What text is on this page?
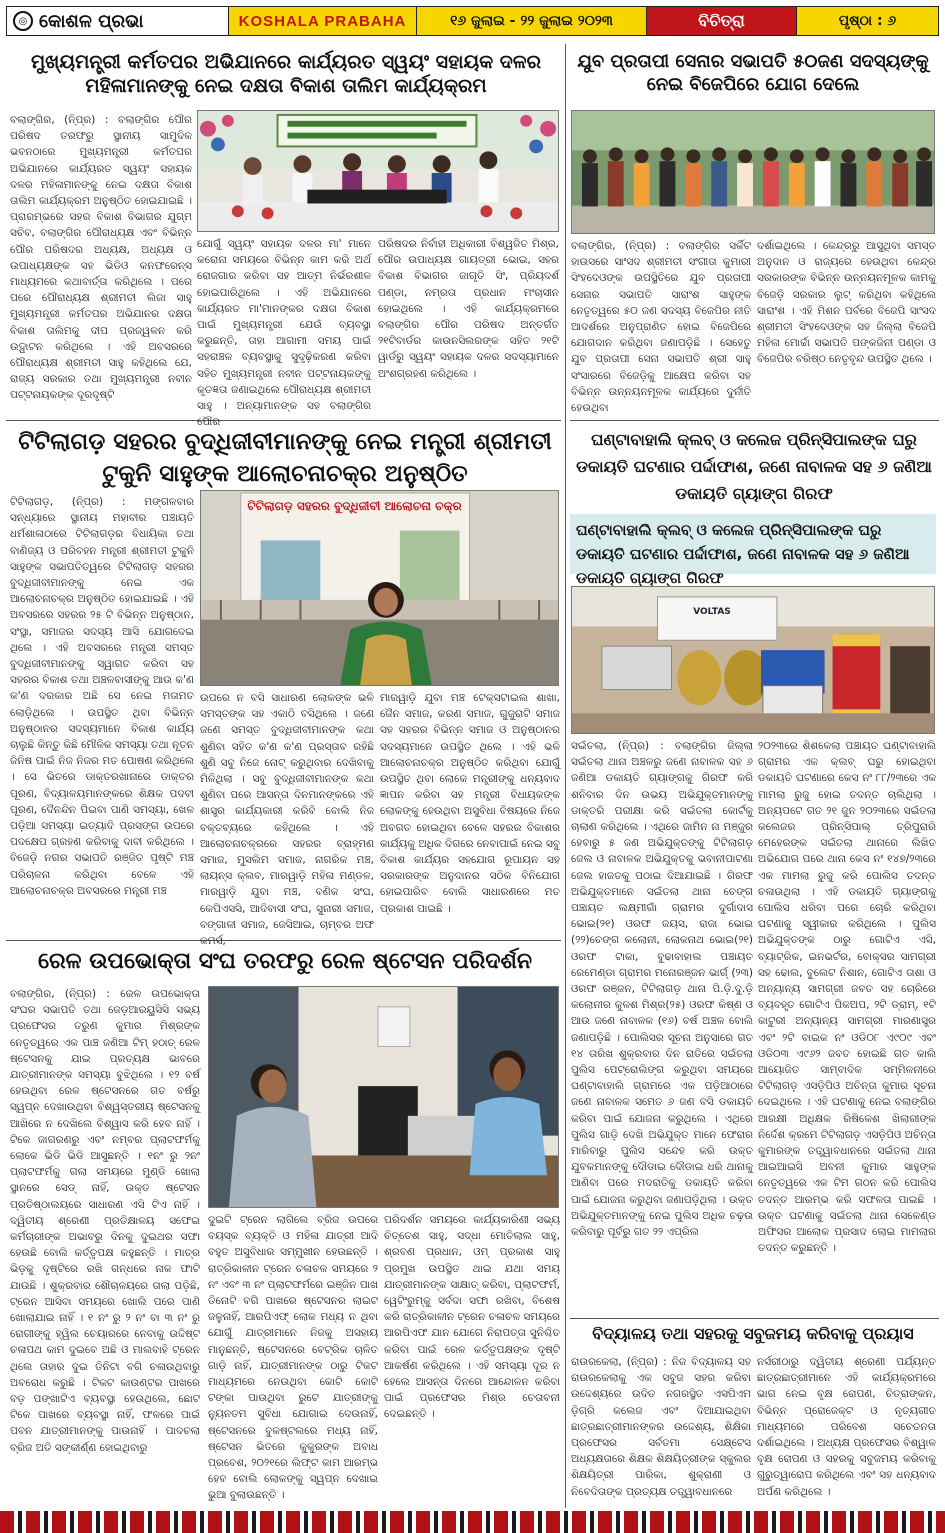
◎ କୋଶଳ ପ୍ରଭା	KOSHALA PRABAHA	୧୬ ଜୁଲାଇ - ୨୨ ଜୁଲାଇ ୨୦୨୩	ବିଚିତ୍ରା	ପୃଷ୍ଠା : ୬
ମୁଖ୍ୟମନ୍ତ୍ରୀ କର୍ମତପର ଅଭିଯାନରେ କାର୍ଯ୍ୟରତ ସ୍ୱୟଂ ସହାୟକ ଦଳର ମହିଳାମାନଙ୍କୁ ନେଇ ଦକ୍ଷତା ବିକାଶ ତାଲିମ କାର୍ଯ୍ୟକ୍ରମ
ବଲାଙ୍ଗିର, (ନି୍ପ୍ର) : ବଲାଙ୍ଗିର ପୌର ପରିଷଦ ତରଫରୁ ସ୍ଥାନୀୟ ସାମୁଦିକ ଭବନଠାରେ ମୁଖ୍ୟମନ୍ତ୍ରୀ କର୍ମତପର ଅଭିଯାନରେ କାର୍ଯ୍ୟରତ ସ୍ୱୟଂ ସହାୟକ ଦଳର ମହିଳାମାନଙ୍କୁ ନେଇ ଦକ୍ଷତା ବିକାଶ ତାଲିମ କାର୍ଯ୍ୟକ୍ରମ ଅନୁଷ୍ଠିତ ହୋଇଯାଇଛି । ପ୍ରାରମ୍ଭରେ ସହର ବିକାଶ ବିଭାଗର ଯୁଗ୍ମ ସଚିବ, ବଲାଙ୍ଗିର ପୌରାଧ୍ୟକ୍ଷ ଏବଂ ବିଭିନ୍ନ ପୌର ପରିଷଦର ଅଧ୍ୟକ୍ଷ, ଅଧ୍ୟକ୍ଷ ଓ ଉପାଧ୍ୟକ୍ଷଙ୍କ ସହ ଭିଡିଓ କନଫରେନ୍ସ ମାଧ୍ୟମରେ କଥାବାର୍ତ୍ତା କରିଥିଲେ । ପରେ ପରେ ପୌରାଧ୍ୟକ୍ଷ ଶ୍ରୀମତୀ ଲିଜା ସାହୁ ମୁଖ୍ୟମନ୍ତ୍ରୀ କର୍ମତପର ଅଭିଯାନର ଦକ୍ଷତା ବିକାଶ ତାଲିମକୁ ଦୀପ ପ୍ରଜ୍ୱଳନ କରି ଉଦ୍ଘାଟନ କରିଥିଲେ । ଏହି ଅବସରରେ ପୌରାଧ୍ୟକ୍ଷ ଶ୍ରୀମତୀ ସାହୁ କହିଥିଲେ ଯେ, ରାଜ୍ୟ ସରକାର ତଥା ମୁଖ୍ୟମନ୍ତ୍ରୀ ନବୀନ ପଟ୍ଟନାୟକଙ୍କ ଦୂରଦୃଷ୍ଟି
ଯୋଗୁଁ ସ୍ୱୟଂ ସହାୟକ ଦଳର ମା' ମାନେ କରୋନା ସମୟରେ ବିଭିନ୍ନ କାମ କରି ଅର୍ଥ ରୋଜଗାର କରିବା ସହ ଆତ୍ମ ନିର୍ଭରଶୀଳ ହୋଇପାରିଥିଲେ । ଏହି ଅଭିଯାନରେ କାର୍ଯ୍ୟରତ ମା'ମାନଙ୍କର ଦକ୍ଷତା ବିକାଶ ପାଇଁ ମୁଖ୍ୟମନ୍ତ୍ରୀ ଯେଉଁ ବ୍ୟବସ୍ଥା କରୁଛନ୍ତି, ତାହା ଆଗାମୀ ସମୟ ପାଇଁ ସହରାଞ୍ଚଳ ବ୍ୟବସ୍ଥାକୁ ସୁଦୃଢ଼ିକରଣ କରିବା ସହିତ ମୁଖ୍ୟମନ୍ତ୍ରୀ ନବୀନ ପଟ୍ଟନାୟକଙ୍କୁ କୃତଜ୍ଞତା ଜଣାଇଥିଲେ ପୌରାଧ୍ୟକ୍ଷ ଶ୍ରୀମତୀ ସାହୁ । ଅନ୍ୟାମାନଙ୍କ ସହ ବଲାଙ୍ଗିର ପୌର
ପରିଷଦର ନିର୍ବାହୀ ଅଧିକାରୀ ବିଶ୍ୱଜିତ ମିଶ୍ର, ପୌର ଉପାଧ୍ୟକ୍ଷ ଗାୟତ୍ରୀ ଭୋଇ, ସହର ବିକାଶ ବିଭାଗର ଜାଗୃତି ସିଂ, ପ୍ରିୟଦର୍ଶ ପଣ୍ଡା, ନମ୍ରତା ପ୍ରଧାନ ମଂଚାସୀନ ହୋଇଥିଲେ । ଏହି କାର୍ଯ୍ୟକ୍ରମରେ ବଲାଙ୍ଗିର ପୌର ପରିଷଦ ଅନ୍ତର୍ଗତ ୨୧ଟିବାର୍ଡର କାଉନସିଲରଙ୍କ ସହିତ ୨୧ଟି ୱାର୍ଡରୁ ସ୍ୱୟଂ ସହାୟକ ଦଳର ସଦସ୍ୟାମାନେ ଅଂଶଗ୍ରହଣ କରିଥିଲେ ।
ଯୁବ ପ୍ରତାପୀ ସେନାର ସଭାପତି ୫୦ଜଣ ସଦସ୍ୟଙ୍କୁ ନେଇ ବିଜେପିରେ ଯୋଗ ଦେଲେ
ବଲାଙ୍ଗିର, (ନି୍ପ୍ର) : ବଲାଙ୍ଗିର ସର୍କିଟ ହାଉସରେ ସାଂସଦ ଶ୍ରୀମତୀ ସଂଗୀତା କୁମାରୀ ସିଂହଦେଓଙ୍କ ଉପସ୍ଥିତିରେ ଯୁବ ପ୍ରତାପୀ ସେନାର ସଭାପତି ସାରାଂଶ ସାହୁଙ୍କ ନେତୃତ୍ୱରେ ୫୦ ଜଣ ସଦସ୍ୟ ବିଜେପିର ନୀତି ଆଦର୍ଶରେ ଅନୁପ୍ରାଣିତ ହୋଇ ବିଜେପିରେ ଯୋଗଦାନ କରିଥିବା ଜଣାପଡ଼ିଛି । ସେହେତୁ ଯୁବ ପ୍ରତାପୀ ସେନା ସଭାପତି ଶ୍ରୀ ସାହୁ ସଂସାରରେ ବିଜେଡ଼ିକୁ ଆକ୍ଷେପ କରିବା ସହ ବିଭିନ୍ନ ଉନ୍ନୟନମୂଳକ କାର୍ଯ୍ୟରେ ଦୁର୍ନୀତି ହେଉଥିବା
ଦର୍ଶାଇଥିଲେ । କେନ୍ଦ୍ରରୁ ଆସୁଥିବା ସମସ୍ତ ଅନୁଦାନ ଓ ରାଜ୍ୟରେ ହେଉଥିବା କେନ୍ଦ୍ର ସରକାରଙ୍କ ବିଭିନ୍ନ ଉନ୍ନୟନମୂଳକ କାମକୁ ବିଜେଡ଼ି ସରକାର ଲୁଟ୍ କରିଥିବା କହିଥିଲେ ସାରାଂଶ । ଏହି ମିଶନ ପର୍ବରେ ବିଜେପି ସାଂସଦ ଶ୍ରୀମତୀ ସିଂହଦେଓଙ୍କ ସହ ଜିଲ୍ଲା ବିଜେପି ମହିଳା ମୋର୍ଚ୍ଚା ସଭାପତି ପଙ୍କଜିନୀ ପଣ୍ଡା ଓ ବିଜେପିର ବରିଷ୍ଠ ନେତୃବୃନ୍ଦ ଉପସ୍ଥିତ ଥିଲେ ।
ଟିଟିଲାଗଡ଼ ସହରର ବୁଦ୍ଧିଜୀବୀମାନଙ୍କୁ ନେଇ ମନ୍ତ୍ରୀ ଶ୍ରୀମତୀ ଟୁକୁନି ସାହୁଙ୍କ ଆଲୋଚନାଚକ୍ର ଅନୁଷ୍ଠିତ
ଟିଟିଲାଗଡ଼, (ନି୍ପ୍ର) : ମଙ୍ଗଳବାର ସନ୍ଧ୍ୟାରେ ସ୍ଥାନୀୟ ମହାବୀର ପଞ୍ଚାୟତି ଧର୍ମଶାଳାଠାରେ ଟିଟିଲାଗଡ଼ର ବିଧାୟିକା ତଥା ବାଣିଜ୍ୟ ଓ ପରିବହନ ମନ୍ତ୍ରୀ ଶ୍ରୀମତୀ ଟୁକୁନି ସାହୁଙ୍କ ସଭାପତିତ୍ୱରେ ଟିଟିଲାଗଡ଼ ସହରର ବୁଦ୍ଧିଜୀବୀମାନଙ୍କୁ ନେଇ ଏକ ଆଲୋଚନାଚକ୍ର ଅନୁଷ୍ଠିତ ହୋଇଯାଇଛି । ଏହି ଅବସରରେ ସହରର ୨୫ ଟି ବିଭିନ୍ନ ଅନୁଷ୍ଠାନ, ସଂସ୍ଥା, ସମାଜର ସଦସ୍ୟ ଆସି ଯୋଗଦେଇ ଥିଲେ । ଏହି ଅବସରରେ ମନ୍ତ୍ରୀ ସମସ୍ତ ବୁଦ୍ଧିଜୀବୀମାନଙ୍କୁ ସ୍ୱାଗତ କରିବା ସହ ସହରର ବିକାଶ ତଥା ଅଞ୍ଚଳବାସୀଙ୍କୁ ଆଉ କ'ଣ କ'ଣ ଦରକାର ଅଛି ସେ ନେଇ ମତାମତ ଲୋଡ଼ିଥିଲେ । ଉପସ୍ଥିତ ଥିବା ବିଭିନ୍ନ ଅନୁଷ୍ଠାନର ସଦସ୍ୟମାନେ ବିକାଶ କାର୍ଯ୍ୟ ଚାଲୁଛି କିନ୍ତୁ କିଛି ମୌଳିକ ସମସ୍ୟା ତଥା ନୂତନ ଜିନିଷ ପାଇଁ ନିଜ ନିଜର ମତ ପୋଷଣ କରିଥିଲେ । ସେ ଭିତରେ ଡାକ୍ତରଖାନାରେ ଡାକ୍ତର ପୂରଣ, ବିଦ୍ୟାଳୟମାନଙ୍କରେ ଶିକ୍ଷକ ପଦବୀ ପୂରଣ, ଦୈନନ୍ଦିନ ପିଇବା ପାଣି ସମସ୍ୟା, ଖେଳ ପଡ଼ିଆ ସମସ୍ୟା ଇତ୍ୟାଦି ପ୍ରସଙ୍ଗ ଉପରେ ପଦକ୍ଷେପ ଗ୍ରହଣ କରିବାକୁ ଦାବୀ କରିଥିଲେ । ବିଜେଡ଼ି ନଗର ସଭାପତି ରଞ୍ଜିତ ପୃଷ୍ଟି ମଞ୍ଚ ପରିଚାଳନା କରିଥିବା ବେଳେ ଏହି ଆଲୋଚନାଚକ୍ର ଅବସରରେ ମନ୍ତ୍ରୀ ମଞ୍ଚ
ଟିଟିଲାଗଡ଼ ସହରର ବୁଦ୍ଧିଜୀବୀ ଆଲୋଚନା ଚକ୍ର
ଉପରେ ନ ବସି ସାଧାରଣ ଲୋକଙ୍କ ଭଳି ସମସ୍ତଙ୍କ ସହ ଏକାଠି ବସିଥିଲେ । ଜଣେ ଜଣେ ସମସ୍ତ ବୁଦ୍ଧିଜୀବୀମାନଙ୍କ କଥା ଶୁଣିବା ସହିତ କ'ଣ କ'ଣ ପ୍ରସ୍ତାବ ରହିଛି ଶୁଣି ସବୁ ନିଜେ ନୋଟ୍ କରୁଥିବାର ଦେଖିବାକୁ ମିଳିଥିଲା । ସବୁ ବୁଦ୍ଧିଜୀବୀମାନଙ୍କ କଥା ଶୁଣିବା ପରେ ଆସନ୍ତା ଦିନମାନଙ୍କରେ ଏହି ଶାସ୍ତ୍ର କାର୍ଯ୍ୟକାରୀ କରିବି ବୋଲି ନିଜ ବକ୍ତବ୍ୟରେ କହିଥିଲେ । ଏହି ଆଲୋଚନାଚକ୍ରରେ ସହରର ବ୍ରାହ୍ମଣ ସମାଜ, ମୁସଲିମ ସମାଜ, ନାଗରିକ ମଞ୍ଚ, ଲାୟନ୍ସ କ୍ଲବ, ମାରୱାଡ଼ି ମହିଳା ମଣ୍ଡଳ, ମାରୱାଡ଼ି ଯୁବା ମଞ୍ଚ, ବଣିକ ସଂଘ, କେପିଏସସି, ଆଦିବାସୀ ସଂଘ, ସୁନାରୀ ସମାଜ, ବଙ୍ଗାଳୀ ସମାଜ, ଜେସିଆଇ, ଚାମ୍ବର ଅଫ କମର୍ସ,
ମାରୱାଡ଼ି ଯୁବା ମଞ୍ଚ ଟେକ୍ସଟାଇଲ ଶାଖା, ଜୈନ ସମାଜ, କରଣ ସମାଜ, ଗୁଜୁରାଟି ସମାଜ ସହ ସହରର ବିଭିନ୍ନ ସମାଜ ଓ ଅନୁଷ୍ଠାନର ସଦସ୍ୟମାନେ ଉପସ୍ଥିତ ଥିଲେ । ଏହି ଭଳି ଆଲୋଚନାଚକ୍ର ଅନୁଷ୍ଠିତ କରିଥିବା ଯୋଗୁଁ ଉପସ୍ଥିତ ଥିବା ଲୋକେ ମନ୍ତ୍ରୀଙ୍କୁ ଧନ୍ୟବାଦ ଜ୍ଞାପନ କରିବା ସହ ମନ୍ତ୍ରୀ ବିଧାୟକଙ୍କ ଲୋକଙ୍କୁ ହେଉଥିବା ଅସୁବିଧା ବିଷୟରେ ନିଜେ ଅବଗତ ହୋଇଥିବା ବେଳେ ସହରର ବିକାଶର କାର୍ଯ୍ୟକୁ ଅଧିକ ଦିଗରେ ନେବାପାଇଁ ନେଇ ସବୁ ବିକାଶ କାର୍ଯ୍ୟର ସହଯୋଗ ରୂପାୟନ ସହ ସରକାରଙ୍କ ଅନୁଦାନର ସଠିକ ବିନିଯୋଗ ହୋଇପାରିବ ବୋଲି ସାଧାରଣରେ ମତ ପ୍ରକାଶ ପାଇଛି ।
ଘଣ୍ଟାବାହାଲି କ୍ଲବ୍ ଓ କଲେଜ ପ୍ରିନ୍ସିପାଲଙ୍କ ଘରୁ ଡକାୟତି ଘଟଣାର ପର୍ଦ୍ଦାଫାଶ, ଜଣେ ନାବାଳକ ସହ ୬ ଜଣିଆ ଡକାୟତି ଗ୍ୟାଙ୍ଗ ଗିରଫ
ଘଣ୍ଟାବାହାଲି କ୍ଲବ୍ ଓ କଲେଜ ପ୍ରିନ୍ସିପାଲଙ୍କ ଘରୁ ଡକାୟତି ଘଟଣାର ପର୍ଦ୍ଦାଫାଶ, ଜଣେ ନାବାଳକ ସହ ୬ ଜଣିଆ ଡକାୟତି ଗ୍ୟାଙ୍ଗ ଗିରଫ
VOLTAS
ସଇଁତଲା, (ନି୍ପ୍ର) : ବଲାଙ୍ଗିର ଜିଲ୍ଲା ସଇଁତଲା ଥାନା ଅଞ୍ଚଳରୁ ଜଣେ ନାବାଳକ ସହ ୬ ଜଣିଆ ଡକାୟତି ଗ୍ୟାଙ୍ଗକୁ ଗିରଫ କରି ଶନିବାର ଦିନ ଉଭୟ ଅଭିଯୁକ୍ତମାନଙ୍କୁ ଡାକ୍ତରି ପରୀକ୍ଷା କରି ସଇଁତଲା କୋର୍ଟକୁ ଚାଲାଣ କରିଥିଲେ । ଏଥିରେ ଜାମିନ ନା ମଞ୍ଜୁର ହେବାରୁ ୫ ଜଣ ଅଭିଯୁକ୍ତଙ୍କୁ ଟିଟିଲାଗଡ଼ ଜେଲ ଓ ନାବାଳକ ଅଭିଯୁକ୍ତକୁ ଭବାନୀପାଟଣା ଜେଲ ହାଜତକୁ ପଠାଇ ଦିଆଯାଇଛି । ଗିରଫ ଅଭିଯୁକ୍ତମାନେ ସଇଁତଲା ଥାନା ଚେଙ୍ଗ ପଞ୍ଚାୟତ ଲକ୍ଷ୍ମୀଗାଁ ଗ୍ରାମର ଦୁର୍ଗାଦାସ ଭୋଇ(୨୧) ଓରଫ ଜୟସ, ରାଜା ଭୋଇ (୨୨)ଚେଙ୍ଗ କଲୋନୀ, ଲୋକନାଥ ଭୋଇ(୨୧) ଓରଫ ଟାକା, ବୁଢାବାହାଲ ପଞ୍ଚାୟତ ରେମେଣ୍ଡା ଗ୍ରାମର ମନୋରଞ୍ଜନ ଭାର୍ଗ୍ (୨୩) ଓରଫ ରଞ୍ଜନ, ଟିଟିଲାଗଡ଼ ଥାନା ପି.ଡ଼ି.ଦୁ.ଡ଼ି କଲୋନୀର କୁଳଶ ମିଶ୍ର(୨୫) ଓରଫ କିଷ୍ଣ ଓ ଆଉ ଜଣେ ନାବାଳକ (୧୬) ବର୍ଷ ଅଞ୍ଚଳ ବୋଲି ଜଣାପଡ଼ିଛି । ପୋଲିସର ସୂଚନା ଅନୁସାରେ ଗତ ୧୪ ତାରିଖ ଶୁକ୍ରବାର ଦିନ ରାତିରେ ସଇଁତଲା ପୁଲିସ ପେଟ୍ରୋଲିଙ୍ଗ କରୁଥିବା ସମୟରେ ଘଣ୍ଟାବାହାଲି ଗ୍ରାମରେ ଏକ ପଡ଼ିଆଠାରେ ଜଣେ ନାବାଳକ ସମେତ ୬ ଜଣ ବସି ଡକାୟତି କରିବା ପାଇଁ ଯୋଜନା କରୁଥିଲେ । ଏଥିରେ ପୁଲିସ ଗାଡ଼ି ଦେଖି ଅଭିଯୁକ୍ତ ମାନେ ଫେରାର ମାରିବାରୁ ପୁଲିସ ସନ୍ଦେହ କରି ଉକ୍ତ ଯୁବକମାନଙ୍କୁ ଦୌଡାଇ ଦୌଡାଇ ଧରି ଥାନାକୁ ଆଣିବା ପରେ ମଦରାତିକୁ ଡକାୟତି କରିବା ପାଇଁ ଯୋଜନା କରୁଥିବା ଜଣାପଡ଼ିଥିଲା । ଉକ୍ତ ଅଭିଯୁକ୍ତମାନଙ୍କୁ ନେଇ ପୁଲିସ ଅଧିକ ଚଢ଼ଉ କରିବାରୁ ପୂର୍ବରୁ ଗତ ୨୨ ଏପ୍ରିଲ
୨୦୨୩ରେ ଶିଶକେଲା ପଞ୍ଚାୟତ ଘଣ୍ଟାବାହାଲି ଗ୍ରାମର ଏକ କ୍ଲବ୍ ଘରୁ ହୋଇଥିବା ଡକାୟତି ଘଟଣାରେ କେସ ନଂ ୮୮/୨୩ରେ ଏକ ମାମଲା ରୁଜୁ ହୋଇ ତଦନ୍ତ ଚାଲିଥିଲା । ଅନ୍ୟପଟେ ଗତ ୨୧ ଜୁନ ୨୦୨୩ରେ ସଇଁତଲା କଲେଜର ପ୍ରିନ୍ସିପାଲ୍ ତ୍ରିପୁରାରି ମେହେରଙ୍କ ସଇଁତଲା ଥାନାରେ ଲିଖିତ ଅଭିଯୋଗ ପରେ ଥାନା କେସ ନଂ ୧୪୭/୨୩ରେ ଏକ ମାମଲା ରୁଜୁ କରି ପୋଲିସ ତଦନ୍ତ ଚଳାଉଥିଲା । ଏହି ଡକାୟତି ଗ୍ୟାଙ୍ଗକୁ ପୋଲିସ ଧରିବା ପରେ ଚୋରି କରିଥିବା ଘଟଣାକୁ ସ୍ୱୀକାର କରିଥିଲେ । ପୁଲିସ ଅଭିଯୁକ୍ତଙ୍କ ଠାରୁ ଗୋଟିଏ ଏସି, ବ୍ୟାଟ୍ରିକ, ଇନଭର୍ଟର, ବୋକ୍ସର ସାମଗ୍ରୀ ସହ ଢୋଲ, ବୁଲେଟ ନିଶାନ, ଗୋଟିଏ ତାଶା ଓ ଅନ୍ୟାନ୍ୟ ସାମଗ୍ରୀ ଜବତ ସହ ଚୋରିରେ ବ୍ୟବହୃତ ଗୋଟିଏ ପିକଅପ, ୨ଟି ଡ୍ରାମ୍, ୧ଟି କାଟୁରୀ ଅନ୍ୟାନ୍ୟ ସାମଗ୍ରୀ ମାରଣାସ୍ତ୍ର ଏବଂ ୨ଟି ବାଇକ ନଂ ଓଡି୦୮ ଏ୯୦୯ ଏବଂ ଓଡି୦୩ ଏ୯୬୨ ଜବତ ହୋଇଛି ଗତ କାଲି ଆୟୋଜିତ ସାମ୍ବାଦିକ ସମ୍ମିଳନୀରେ ଟିଟିଲାଗଡ଼ ଏସଡ଼ିପିଓ ଅଚିନ୍ତା କୁମାର ସୂଚନା ଦେଇଥିଲେ । ଏହି ଘଟଣାକୁ ନେଇ ବଲାଙ୍ଗିର ଆରକ୍ଷୀ ଅଧିକ୍ଷକ ରିଷିକେଶ ଖିଲାରୀଙ୍କ ନିର୍ଦ୍ଦେଶ କ୍ରମେ ଟିଟିଲାଗଡ଼ ଏସଡ଼ିପିଓ ଅଚିନ୍ତା କୁମାରଙ୍କ ତତ୍ତ୍ୱାବଧାନରେ ସଇଁତଲା ଥାନା ଆଇଆଇସି ଅବନୀ କୁମାର ସାହୁଙ୍କ ନେତୃତ୍ୱରେ ଏକ ଟିମ ଗଠନ କରି ପୋଲିସ ତଦନ୍ତ ଆରମ୍ଭ କରି ସଫଳତା ପାଇଛି । ଉକ୍ତ ଘଟଣାକୁ ସଇଁତଲା ଥାନା ସେକେଣ୍ଡ ଅଫିସର ଆଲୋକ ପ୍ରସାଦ ଲୋଇ ମାମଲାର ତଦନ୍ତ କରୁଛନ୍ତି ।
ରେଳ ଉପଭୋକ୍ତା ସଂଘ ତରଫରୁ ରେଳ ଷ୍ଟେସନ ପରିଦର୍ଶନ
ବଲାଙ୍ଗିର, (ନି୍ପ୍ର) : ରେଳ ଉପଭୋକ୍ତା ସଂଘର ସଭାପତି ତଥା ଜେଡ଼ଆରୟୁସିସି ସଭ୍ୟ ପ୍ରଫେସର ତରୁଣ କୁମାର ମିଶ୍ରଙ୍କ ନେତୃତ୍ୱରେ ଏକ ପାଞ୍ଚ ଜଣିଆ ଟିମ୍ ହଠାତ୍ ରେଳ ଷ୍ଟେସନକୁ ଯାଇ ପ୍ରତ୍ୟକ୍ଷ ଭାବରେ ଯାତ୍ରୀମାନଙ୍କ ସମସ୍ୟା ବୁଝିଥିଲେ । ୧୨ ବର୍ଷ ହେଉଥିବା ରେଳ ଷ୍ଟେସନରେ ଗତ ବର୍ଷରୁ ସ୍ୱପ୍ନ ଦେଖାଉଥିବା ବିଶ୍ୱସ୍ତରୀୟ ଷ୍ଟେସନକୁ ଆଖିରେ ନ ଦେଖିଲେ ବିଶ୍ୱାସ କରି ହେବ ନାହିଁ । ଟିକେ ଜାଗରଣରୁ ଏବଂ ନମ୍ବର ପ୍ଲାଟଫର୍ମକୁ ଲୋକେ ଭିଡି ଭିଡି ଆସୁଛନ୍ତି । ୧ନଂ ରୁ ୨ନଂ ପ୍ଲାଟଫର୍ମକୁ ଗଲା ସମୟରେ ମୁଣ୍ଡି ଖୋଲା ସ୍ଥାନରେ ସେଡ୍ ନାହିଁ, ଉକ୍ତ ଷ୍ଟେସନ ପ୍ରତିଷ୍ଠାଲୟରେ ସାଧାରଣ ଏସି ଟିଏ ନାହିଁ । ଦ୍ୱିତୀୟ ଶ୍ରେଣୀ ପ୍ରତିକ୍ଷାଳୟ ସଫେଇ କର୍ମଚାରୀଙ୍କ ଅଭାବରୁ ଦିନକୁ ଦୁଇଥର ସଫା ହେଉଛି ବୋଲି କର୍ତ୍ତୃପକ୍ଷ କହୁଛନ୍ତି । ମାତ୍ର ଭିଡ଼କୁ ଦୃଷ୍ଟିରେ ରଖି ଗନ୍ଧରେ ନାକ ଫାଟି ଯାଉଛି । ଶୁକ୍ରବାର ଶୌଚାଳୟରେ ତାଲା ପଡ଼ିଛି, ଟ୍ରେନ ଆସିବା ସମୟରେ ଖୋଲି ପରେ ପାଣି ଖୋଲାଯାଇ ନାହିଁ । ୧ ନଂ ରୁ ୨ ନଂ ବା ୩ ନଂ ରୁ ରୋଗୀଙ୍କୁ ହ୍ୱିଲ ଚେୟାରରେ ନେବାକୁ ଉଦ୍ଦିଷ୍ଟ ଚଳାପଥ କାମ ଦୁଇବେ ଅଛି ଓ ମାଲବାହି ଟ୍ରେନ ଥିଲେ ତାହାର ଦୁଇ ତିନିଟା ବଗି ଚଳାଉଥିବାରୁ ଅବରୋଧ କରୁଛି । ଟିକଟ କାଉଣ୍ଟର ପାଖରେ ବଡ଼ ପଙ୍ଖାଟିଏ ବ୍ୟବସ୍ଥା ହେଉଥିଲେ, ଛୋଟ ଟିକେ ପାଖରେ ବ୍ୟବସ୍ଥା ନାହିଁ, ଫଳରେ ପାଇଁ ପବନ ଯାତ୍ରୀମାନଙ୍କୁ ପାଉନାହିଁ । ପାଦଚଲା ବ୍ରିଜ ଅତି ସଙ୍କୀର୍ଣ୍ଣ ହୋଇଥିବାରୁ
ଦୁଇଟି ଟ୍ରେନ ଲାଗିଲେ ବ୍ରିଜ ଉପରେ ବୟସ୍କ ବ୍ୟକ୍ତି ଓ ମହିଳା ଯାତ୍ରୀ ଆଦି ବହୁତ ଅସୁବିଧାର ସମ୍ମୁଖୀନ ହେଉଛନ୍ତି । ରାତ୍ରିକାଳୀନ ଟ୍ରେନ ଚଳାଚଳ ସମୟରେ ୨ ନଂ ଏବଂ ୩ ନଂ ପ୍ଲାଟଫର୍ମରେ ଇଞ୍ଜିନ ପାଖ ତିନୋଟି ବଗି ପାଖରେ ଷ୍ଟେସନର ଲାଇଟ ଜଳୁନାହିଁ, ଆରପିଏଫ୍ ଲୋକ ମଧ୍ୟ ନ ଥିବା ଯୋଗୁଁ ଯାତ୍ରୀମାନେ ନିଜକୁ ଅସହାୟ ମାନୁଛନ୍ତି, ଷ୍ଟେସନରେ ବେଟ୍ରିକ ଚାଳିତ ଗାଡ଼ି ନାହିଁ, ଯାତ୍ରୀମାନଙ୍କ ଠାରୁ ଟିକଟ ମାଧ୍ୟମରେ ନେଉଥିବା କୋଟି କୋଟି ଟଙ୍କା ପାଉଥିବା ରୁଟେ ଯାତ୍ରୀଙ୍କୁ ନ୍ୟୁନତମ ସୁବିଧା ଯୋଗାଇ ଦେଉନାହିଁ, ଷ୍ଟେସନରେ ବୁକଷ୍ଟଲରେ ମଧ୍ୟ ନାହିଁ, ଷ୍ଟେସନ ଭିତରେ କୁକୁରଙ୍କ ଅବାଧ ପ୍ରବେଶ, ୨୦୨୧ରେ ଲିଫ୍ଟ କାମ ଆରମ୍ଭ ହେବ ବୋଲି ଲୋକଙ୍କୁ ସ୍ୱପ୍ନ ଦେଖାଇ ଭୁଆ ବୁଲାଉଛନ୍ତି ।
ପରିଦର୍ଶନ ସମୟରେ କାର୍ଯ୍ୟକାରିଣୀ ସଭ୍ୟ ଚିତ୍ତେଶ ସାହୁ, ସଦ୍ଧା ମୋତିଲାଲ ସାହୁ, ଶ୍ରବଣ ପ୍ରଧାନ, ଓମ୍ ପ୍ରକାଶ ସାହୁ ପ୍ରମୁଖ ଉପସ୍ଥିତ ଥାଇ ଯଥା ସମୟ ଯାତ୍ରୀମାନଙ୍କ ସାକ୍ଷାତ୍ କରିବା, ପ୍ଲାଟଫର୍ମ, ୱେଟିଂରୁମ୍କୁ ସର୍ବଦା ସଫା ରଖିବା, ବିଶେଷ କରି ରାତ୍ରିକାଳୀନ ଟ୍ରେନ ଚଳାଚଳ ସମୟରେ ଆରପିଏଫ ଯାନ ଯୋଗେ ନିରାପତ୍ତା ସୁନିଶ୍ଚିତ କରିବା ପାଇଁ ରେଳ କର୍ତ୍ତୃପକ୍ଷଙ୍କ ଦୃଷ୍ଟି ଆକର୍ଷଣ କରିଥିଲେ । ଏହି ସମସ୍ୟା ଦୂର ନ ହେଲେ ଆସନ୍ତା ଦିନରେ ଆନ୍ଦୋଳନ କରିବା ପାଇଁ ପ୍ରଫେସର ମିଶ୍ର ଚେତାବନୀ ଦେଇଛନ୍ତି ।
ବିଦ୍ୟାଳୟ ତଥା ସହରକୁ ସବୁଜମୟ କରିବାକୁ ପ୍ରୟାସ
ରାଉରକେଲା, (ନି୍ପ୍ର) : ନିଜ ବିଦ୍ୟାଳୟ ସହ ରାଉରକେଲାକୁ ଏକ ସବୁଜ ସହର କରିବା ଉଦ୍ଦେଶ୍ୟରେ ଉଦିତ ନଗରସ୍ଥିତ ଏସପିଏମ ଡ଼ିଗ୍ରି କଲେଜ ଏବଂ ଦିଆଯାଇଥିବା ଛାତ୍ରଛାତ୍ରୀମାନଙ୍କର ଉଦ୍ଦେଶ୍ୟ, ଶିକ୍ଷିକା ପ୍ରଫେସର ସର୍ବତମା ସେକ୍ଷ୍ଟେସ ଅଧ୍ୟକ୍ଷତାରେ ଶିକ୍ଷକ ଶିକ୍ଷୟିତ୍ରୀଙ୍କ ସ୍କୁଲର ଶିକ୍ଷୟିତ୍ରୀ ପାରିକା, ଶୁକ୍ରାଣୀ ଓ ନିବେଦିତାଙ୍କ ପ୍ରତ୍ୟକ୍ଷ ତତ୍ତ୍ୱାବଧାନରେ
ନର୍ସରୀଠାରୁ ଦ୍ୱିତୀୟ ଶ୍ରେଣୀ ପର୍ଯ୍ୟନ୍ତ ଛାତ୍ରଛାତ୍ରୀମାନେ ଏହି କାର୍ଯ୍ୟକ୍ରମରେ ଭାଗ ନେଇ ବୃକ୍ଷ ରୋପଣ, ଚିତ୍ରାଙ୍କନ, ବିଭିନ୍ନ ପ୍ରୋଜେକ୍ଟ ଓ ନୃତ୍ୟଗୀତ ମାଧ୍ୟମରେ ପରିବେଶ ସଚେତନତା ଦର୍ଶାଇଥିଲେ । ଅଧ୍ୟକ୍ଷ ପ୍ରଫେସର ବିଶ୍ୱାଳ ବୃକ୍ଷ ରୋପଣ ଓ ସହରକୁ ସବୁଜମୟ କରିବାକୁ ଗୁରୁତ୍ୱାରୋପ କରିଥିଲେ ଏବଂ ସହ ଧନ୍ୟବାଦ ଅର୍ପଣ କରିଥିଲେ ।
